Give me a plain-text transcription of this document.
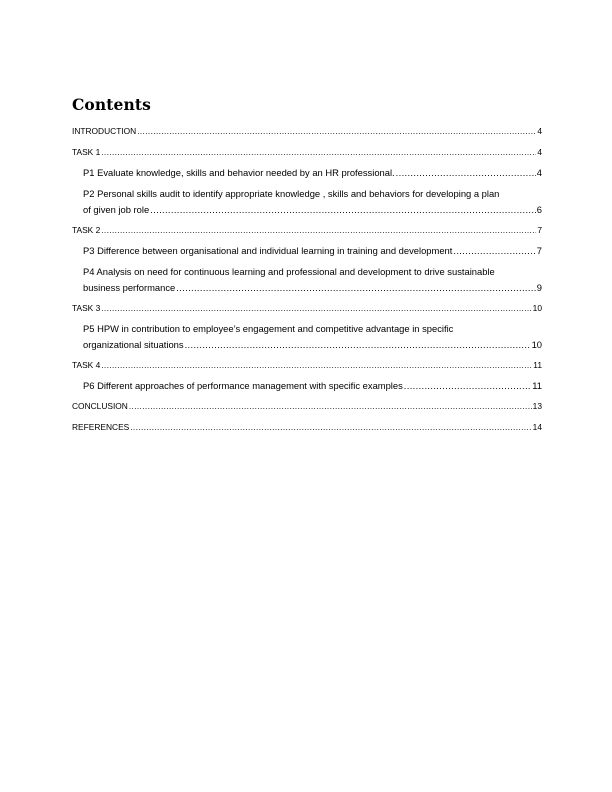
Contents
INTRODUCTION .....	4
TASK 1 .....	4
P1 Evaluate knowledge, skills and behavior needed by an HR professional. .....	4
P2 Personal skills audit to identify appropriate knowledge , skills and behaviors for developing a plan
of given job role .....	6
TASK 2 .....	7
P3 Difference between organisational and individual learning in training and development .....	7
P4 Analysis on need for continuous learning and professional and development to drive sustainable
business performance .....	9
TASK 3 .....	10
P5 HPW in contribution to employee’s engagement and competitive advantage in specific
organizational situations .....	10
TASK 4 .....	11
P6 Different approaches of performance management with specific examples .....	11
CONCLUSION .....	13
REFERENCES .....	14
